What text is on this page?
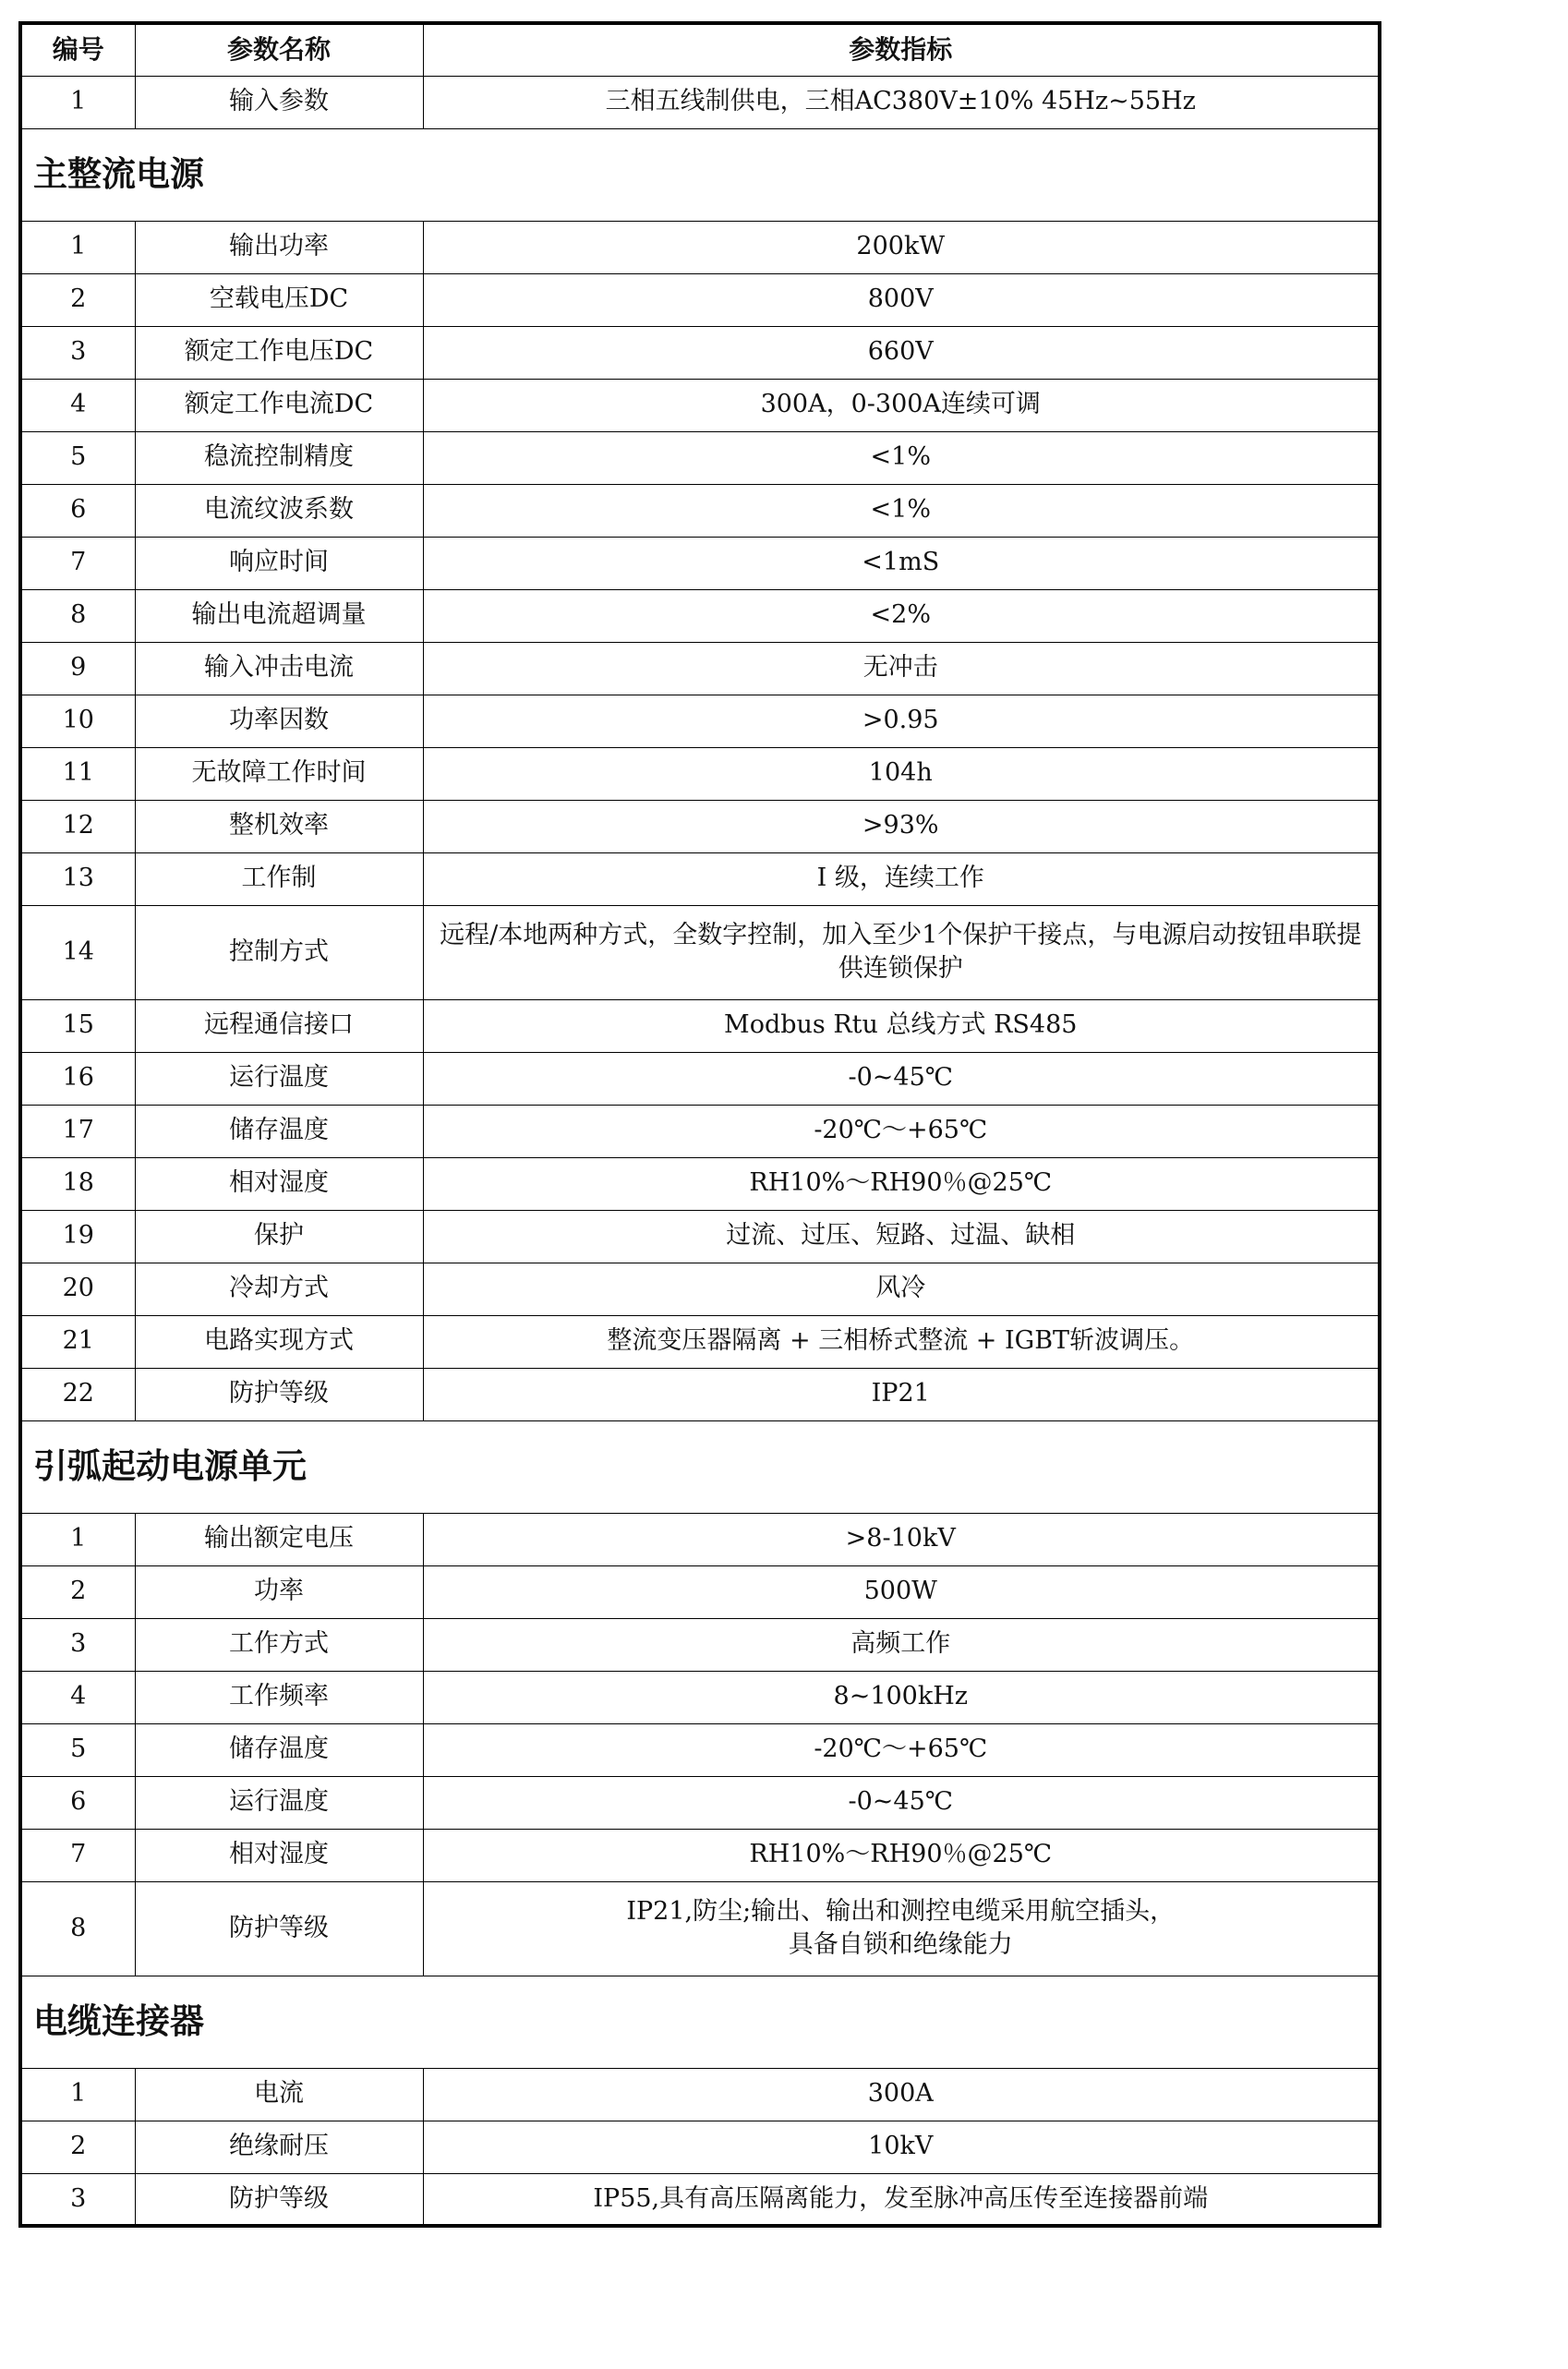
编号	参数名称	参数指标
1	输入参数	三相五线制供电，三相AC380V±10% 45Hz~55Hz
主整流电源		
1	输出功率	200kW
2	空载电压DC	800V
3	额定工作电压DC	660V
4	额定工作电流DC	300A，0-300A连续可调
5	稳流控制精度	<1%
6	电流纹波系数	<1%
7	响应时间	<1mS
8	输出电流超调量	<2%
9	输入冲击电流	无冲击
10	功率因数	>0.95
11	无故障工作时间	104h
12	整机效率	>93%
13	工作制	I 级，连续工作
14	控制方式	远程/本地两种方式，全数字控制，加入至少1个保护干接点，与电源启动按钮串联提供连锁保护
15	远程通信接口	Modbus Rtu 总线方式 RS485
16	运行温度	-0~45℃
17	储存温度	-20℃～+65℃
18	相对湿度	RH10%～RH90％@25℃
19	保护	过流、过压、短路、过温、缺相
20	冷却方式	风冷
21	电路实现方式	整流变压器隔离 + 三相桥式整流 + IGBT斩波调压。
22	防护等级	IP21
引弧起动电源单元		
1	输出额定电压	>8-10kV
2	功率	500W
3	工作方式	高频工作
4	工作频率	8~100kHz
5	储存温度	-20℃～+65℃
6	运行温度	-0~45℃
7	相对湿度	RH10%～RH90％@25℃
8	防护等级	IP21,防尘;输出、输出和测控电缆采用航空插头，
具备自锁和绝缘能力
电缆连接器		
1	电流	300A
2	绝缘耐压	10kV
3	防护等级	IP55,具有高压隔离能力，发至脉冲高压传至连接器前端
